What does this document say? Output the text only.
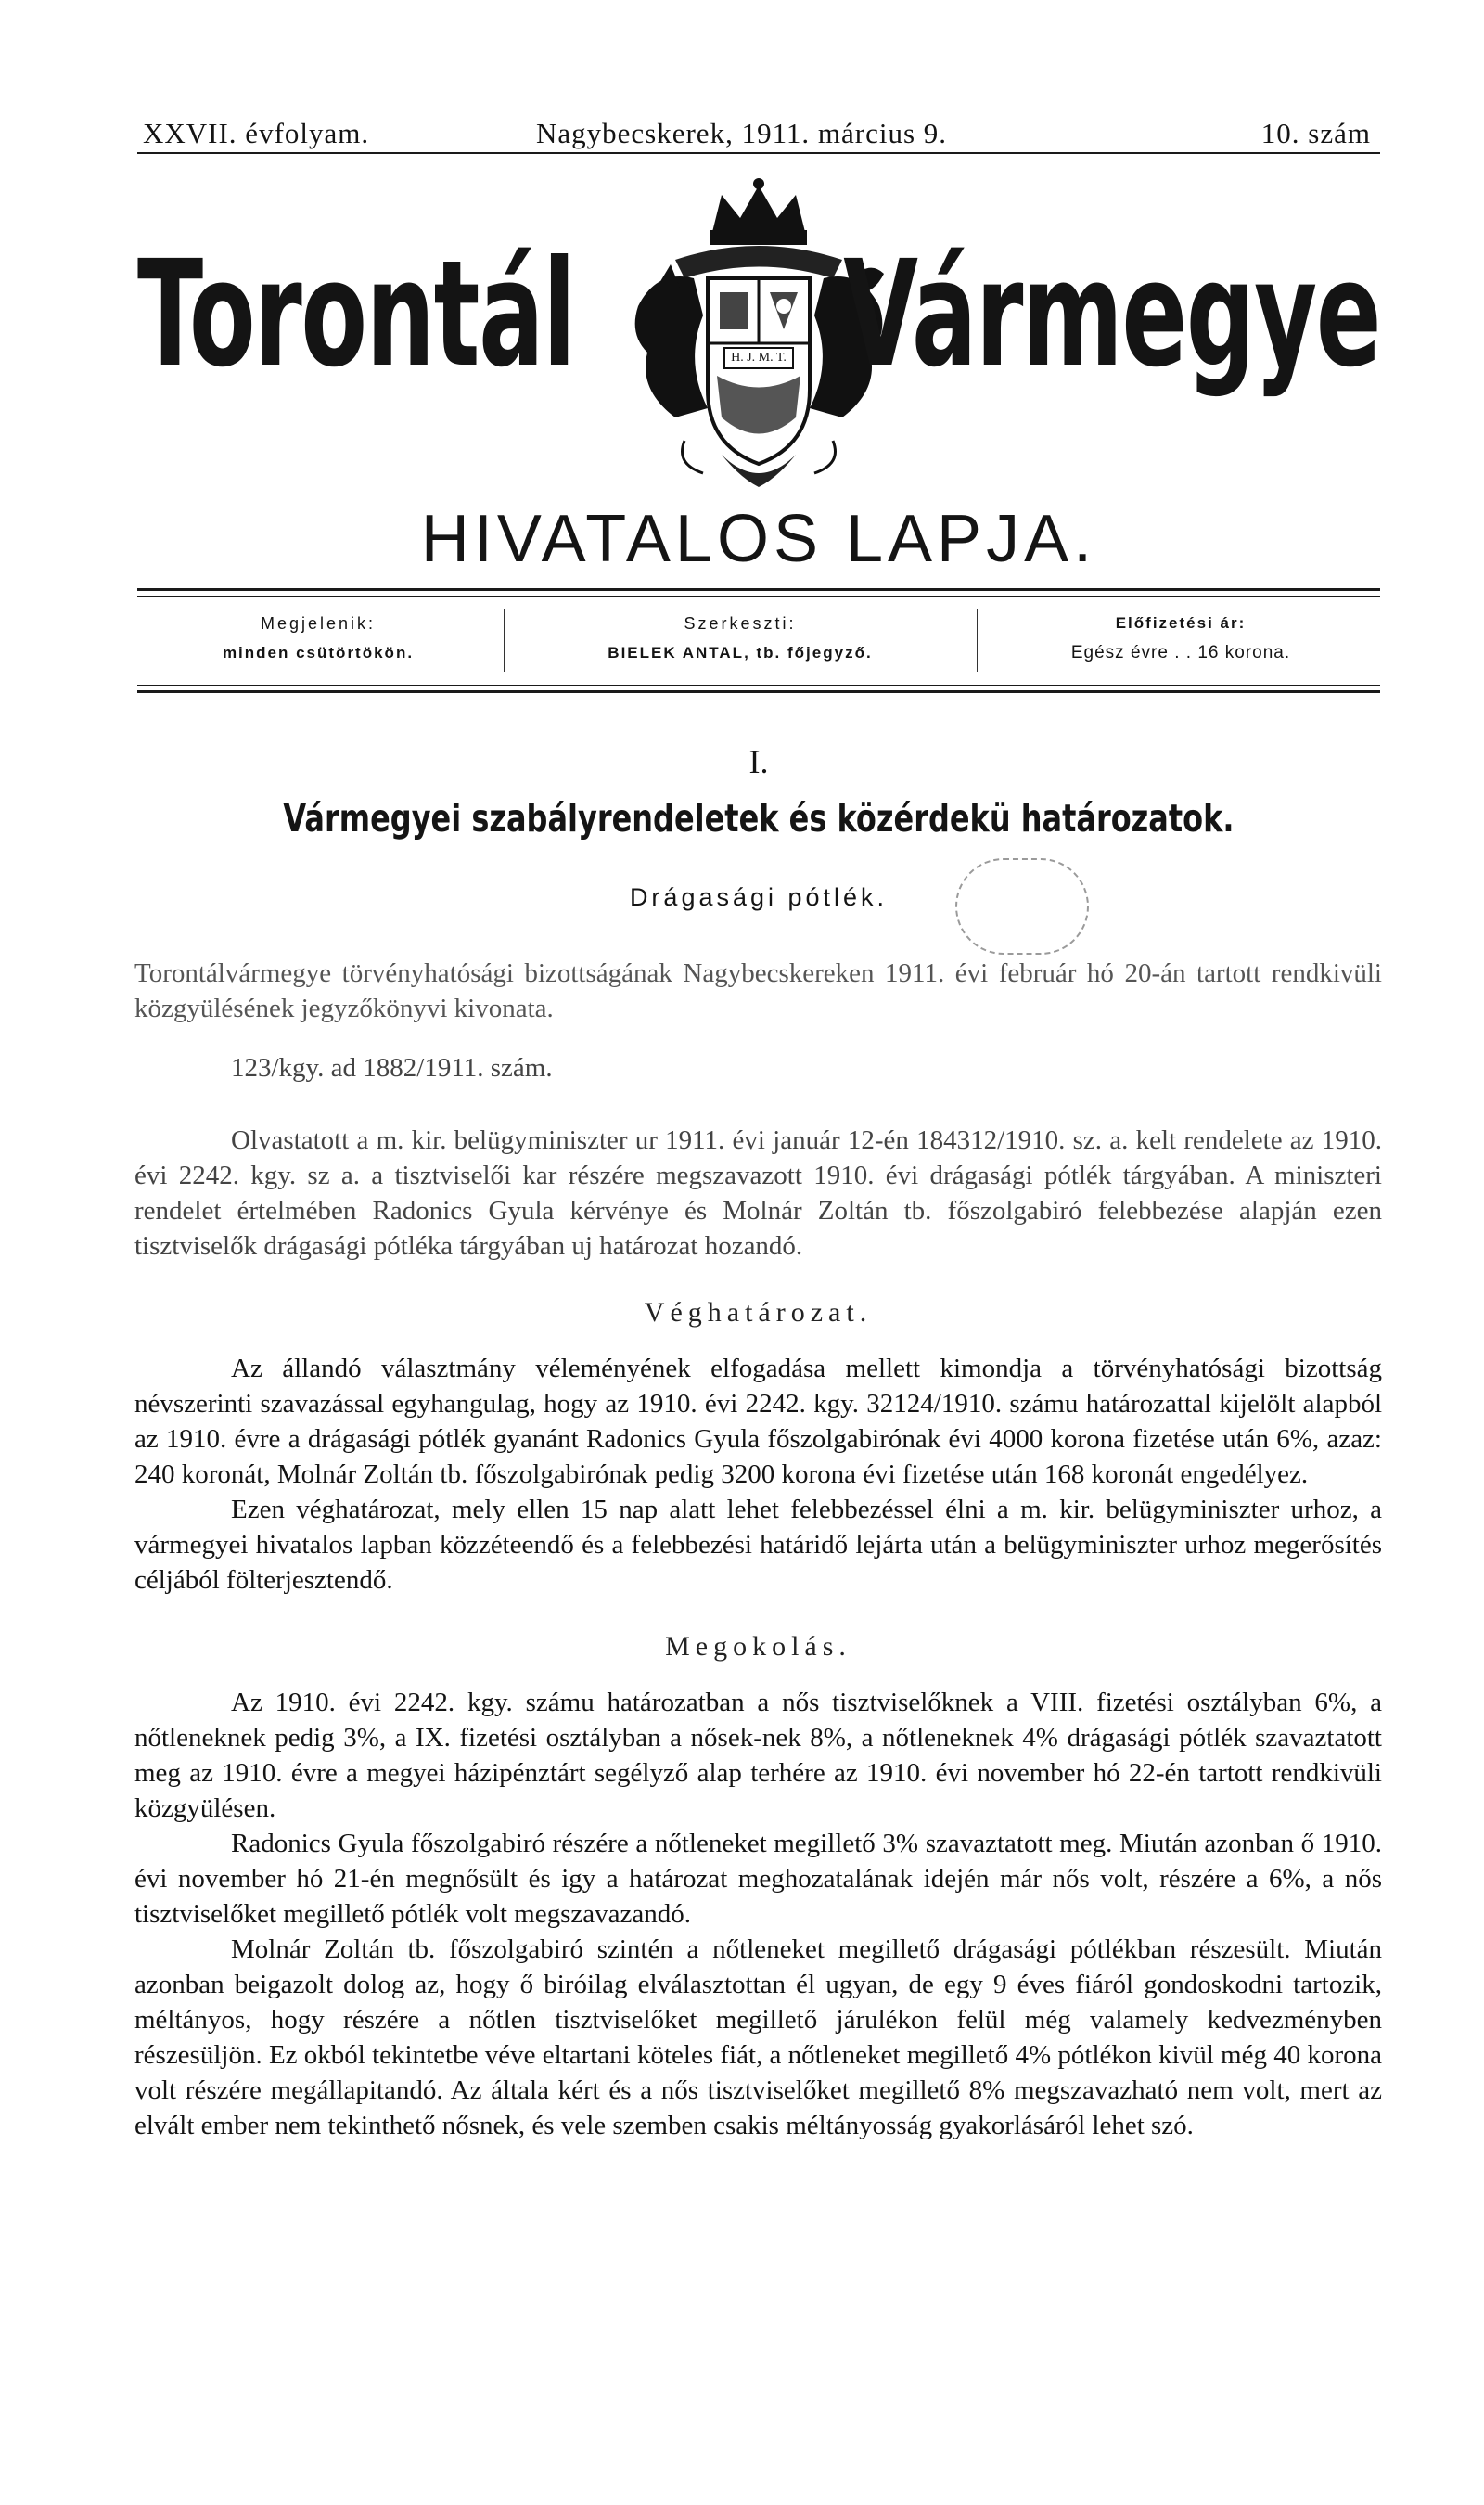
XXVII. évfolyam.	Nagybecskerek, 1911. március 9.	10. szám
Torontál	H. J. M. T. Vármegye
HIVATALOS LAPJA.
Megjelenik:
minden csütörtökön.
Szerkeszti:
BIELEK ANTAL, tb. főjegyző.
Előfizetési ár:
Egész évre . . 16 korona.
I.
Vármegyei szabályrendeletek és közérdekü határozatok.
Drágasági pótlék.

Torontálvármegye törvényhatósági bizottságának Nagybecskereken 1911. évi február hó 20-án tartott rendkivüli közgyülésének jegyzőkönyvi kivonata.

123/kgy. ad 1882/1911. szám.

Olvastatott a m. kir. belügyminiszter ur 1911. évi január 12-én 184312/1910. sz. a. kelt rendelete az 1910. évi 2242. kgy. sz a. a tisztviselői kar részére megszavazott 1910. évi drágasági pótlék tárgyában. A miniszteri rendelet értelmében Radonics Gyula kérvénye és Molnár Zoltán tb. főszolgabiró felebbezése alapján ezen tisztviselők drágasági pótléka tárgyában uj határozat hozandó.

Véghatározat.

Az állandó választmány véleményének elfogadása mellett kimondja a törvényhatósági bizottság névszerinti szavazással egyhangulag, hogy az 1910. évi 2242. kgy. 32124/1910. számu határozattal kijelölt alapból az 1910. évre a drágasági pótlék gyanánt Radonics Gyula főszolgabirónak évi 4000 korona fizetése után 6%, azaz: 240 koronát, Molnár Zoltán tb. főszolgabirónak pedig 3200 korona évi fizetése után 168 koronát engedélyez.

Ezen véghatározat, mely ellen 15 nap alatt lehet felebbezéssel élni a m. kir. belügyminiszter urhoz, a vármegyei hivatalos lapban közzéteendő és a felebbezési határidő lejárta után a belügyminiszter urhoz megerősítés céljából fölterjesztendő.

Megokolás.

Az 1910. évi 2242. kgy. számu határozatban a nős tisztviselőknek a VIII. fizetési osztályban 6%, a nőtleneknek pedig 3%, a IX. fizetési osztályban a nősek-nek 8%, a nőtleneknek 4% drágasági pótlék szavaztatott meg az 1910. évre a megyei házipénztárt segélyző alap terhére az 1910. évi november hó 22-én tartott rendkivüli közgyülésen.

Radonics Gyula főszolgabiró részére a nőtleneket megillető 3% szavaztatott meg. Miután azonban ő 1910. évi november hó 21-én megnősült és igy a határozat meghozatalának idején már nős volt, részére a 6%, a nős tisztviselőket megillető pótlék volt megszavazandó.

Molnár Zoltán tb. főszolgabiró szintén a nőtleneket megillető drágasági pótlékban részesült. Miután azonban beigazolt dolog az, hogy ő biróilag elválasztottan él ugyan, de egy 9 éves fiáról gondoskodni tartozik, méltányos, hogy részére a nőtlen tisztviselőket megillető járulékon felül még valamely kedvezményben részesüljön. Ez okból tekintetbe véve eltartani köteles fiát, a nőtleneket megillető 4% pótlékon kivül még 40 korona volt részére megállapitandó. Az általa kért és a nős tisztviselőket megillető 8% megszavazható nem volt, mert az elvált ember nem tekinthető nősnek, és vele szemben csakis méltányosság gyakorlásáról lehet szó.
